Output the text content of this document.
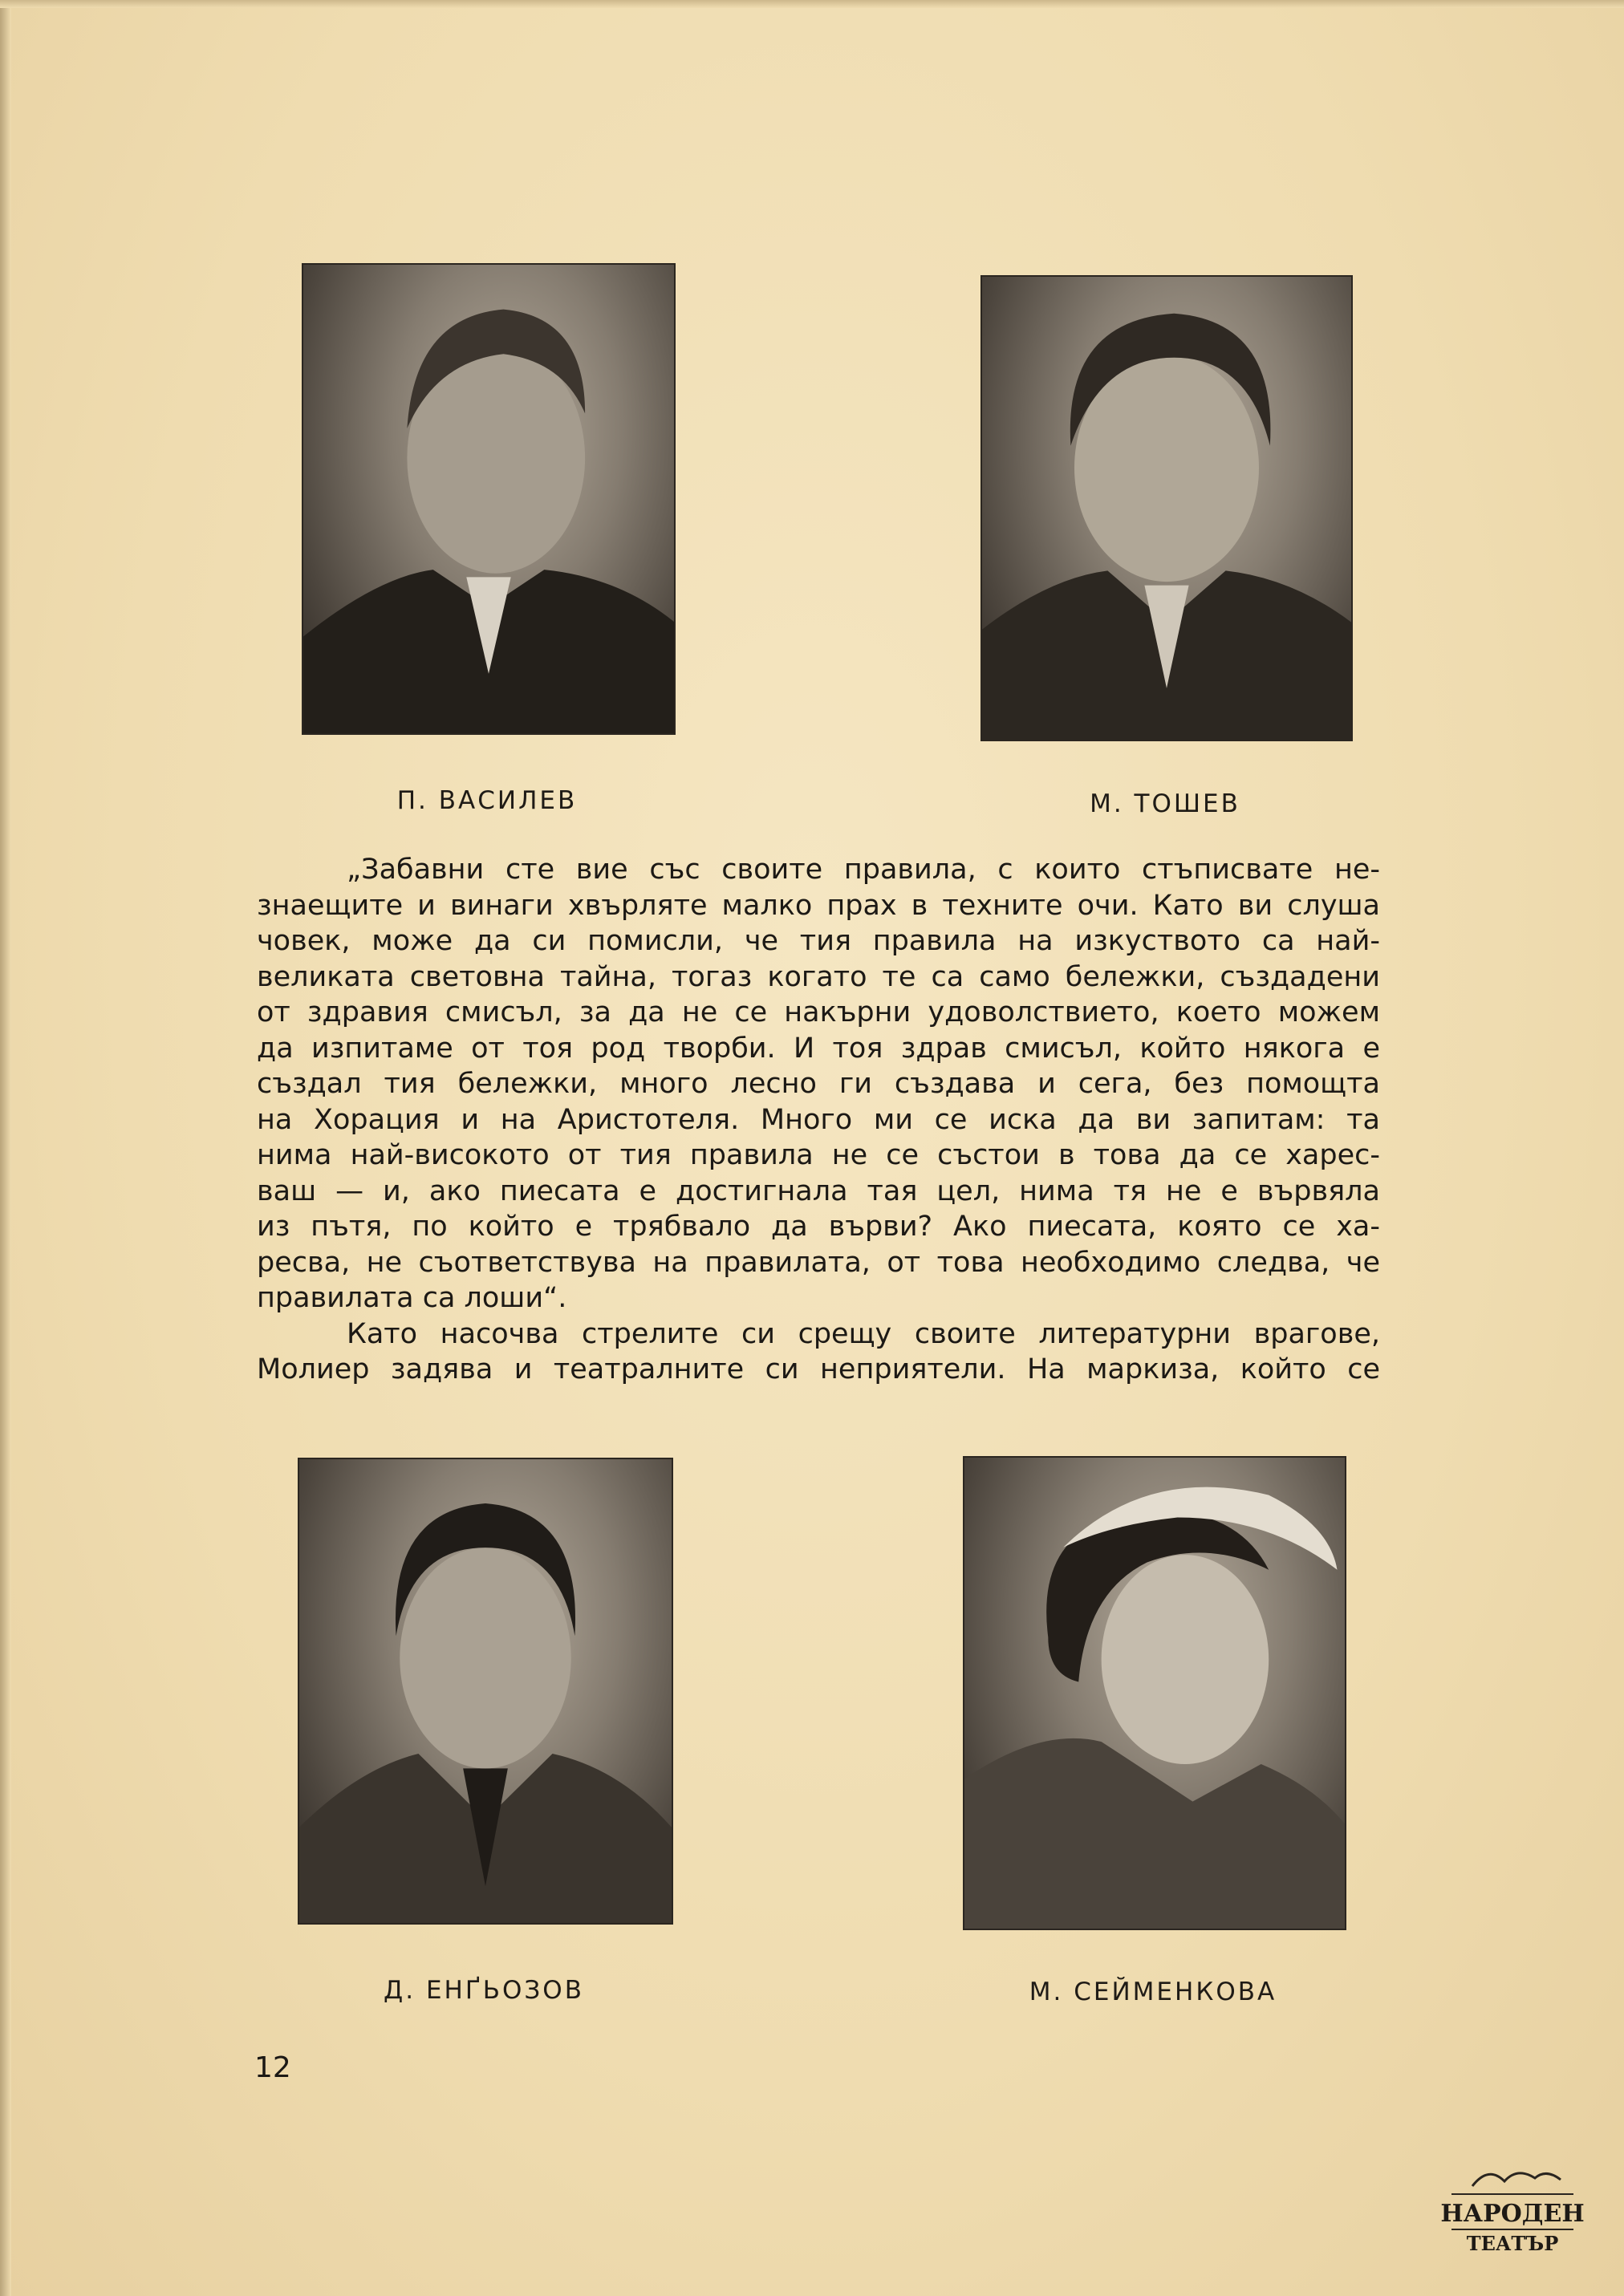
П. ВАСИЛЕВ	М. ТОШЕВ
„Забавни сте вие със своите правила, с които стъписвате не-
знаещите и винаги хвърляте малко прах в техните очи. Като ви слуша
човек, може да си помисли, че тия правила на изкуството са най-
великата световна тайна, тогаз когато те са само бележки, създадени
от здравия смисъл, за да не се накърни удоволствието, което можем
да изпитаме от тоя род творби. И тоя здрав смисъл, който някога е
създал тия бележки, много лесно ги създава и сега, без помощта
на Хорация и на Аристотеля. Много ми се иска да ви запитам: та
нима най-високото от тия правила не се състои в това да се харес-
ваш — и, ако пиесата е достигнала тая цел, нима тя не е вървяла
из пътя, по който е трябвало да върви? Ако пиесата, която се ха-
ресва, не съответствува на правилата, от това необходимо следва, че
правилата са лоши“.
Като насочва стрелите си срещу своите литературни врагове,
Молиер задява и театралните си неприятели. На маркиза, който се
Д. ЕНҐЬОЗОВ	М. СЕЙМЕНКОВА
12
НАРОДЕН
ТЕАТЪР
